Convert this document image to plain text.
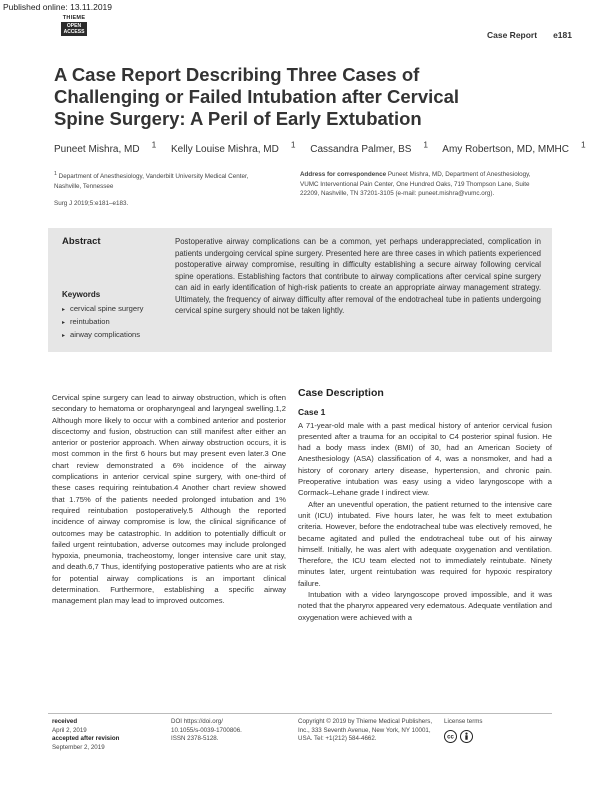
Published online: 13.11.2019
THIEME
OPEN
ACCESS	Case Report e181
A Case Report Describing Three Cases of
Challenging or Failed Intubation after Cervical
Spine Surgery: A Peril of Early Extubation
Puneet Mishra, MD $^1$ Kelly Louise Mishra, MD $^1$ Cassandra Palmer, BS $^1$ Amy Robertson, MD, MMHC $^1$
$^1$ Department of Anesthesiology, Vanderbilt University Medical Center, Nashville, Tennessee
Surg J 2019;5:e181–e183.
Address for correspondence Puneet Mishra, MD, Department of Anesthesiology, VUMC Interventional Pain Center, One Hundred Oaks, 719 Thompson Lane, Suite 22209, Nashville, TN 37201-3105 (e-mail: puneet.mishra@vumc.org).
Abstract	Postoperative airway complications can be a common, yet perhaps underappreciated, complication in patients undergoing cervical spine surgery. Presented here are three cases in which patients experienced postoperative airway compromise, resulting in difficulty establishing a secure airway following cervical spine operations. Establishing factors that contribute to airway complications after cervical spine surgery can aid in early identification of high-risk patients to create an appropriate airway management strategy. Ultimately, the frequency of airway difficulty after removal of the endotracheal tube in patients undergoing cervical spine surgery should not be taken lightly.
Keywords
▸ cervical spine surgery
▸ reintubation
▸ airway complications
Cervical spine surgery can lead to airway obstruction, which is often secondary to hematoma or oropharyngeal and laryngeal swelling.1,2 Although more likely to occur with a combined anterior and posterior discectomy and fusion, obstruction can still manifest after either an anterior or posterior approach. When airway obstruction occurs, it is most common in the first 6 hours but may present even later.3 One chart review demonstrated a 6% incidence of the airway complications in anterior cervical spine surgery, with one-third of these cases requiring reintubation.4 Another chart review showed that 1.75% of the patients needed prolonged intubation and 1% required reintubation postoperatively.5 Although the reported incidence of airway compromise is low, the clinical significance of outcomes may be catastrophic. In addition to potentially difficult or failed urgent reintubation, adverse outcomes may include prolonged hypoxia, pneumonia, tracheostomy, longer intensive care unit stay, and death.6,7 Thus, identifying postoperative patients who are at risk for potential airway complications is an important clinical determination. Furthermore, establishing a specific airway management plan may lead to improved outcomes.
Case Description
Case 1

A 71-year-old male with a past medical history of anterior cervical fusion presented after a trauma for an occipital to C4 posterior spinal fusion. He had a body mass index (BMI) of 30, had an American Society of Anesthesiology (ASA) classification of 4, was a nonsmoker, and had a history of coronary artery disease, hypertension, and chronic pain. Preoperative intubation was easy using a video laryngoscope with a Cormack–Lehane grade I indirect view.

After an uneventful operation, the patient returned to the intensive care unit (ICU) intubated. Five hours later, he was felt to meet extubation criteria. However, before the endotracheal tube was electively removed, he became agitated and pulled the endotracheal tube out of his airway himself. Initially, he was alert with adequate oxygenation and ventilation. Therefore, the ICU team elected not to immediately reintubate. Ninety minutes later, urgent reintubation was required for hypoxic respiratory failure.

Intubation with a video laryngoscope proved impossible, and it was noted that the pharynx appeared very edematous. Adequate ventilation and oxygenation were achieved with a

received
April 2, 2019
accepted after revision
September 2, 2019
DOI https://doi.org/
10.1055/s-0039-1700806.
ISSN 2378-5128.
Copyright © 2019 by Thieme Medical Publishers, Inc., 333 Seventh Avenue, New York, NY 10001, USA. Tel: +1(212) 584-4662.
License terms
cc
